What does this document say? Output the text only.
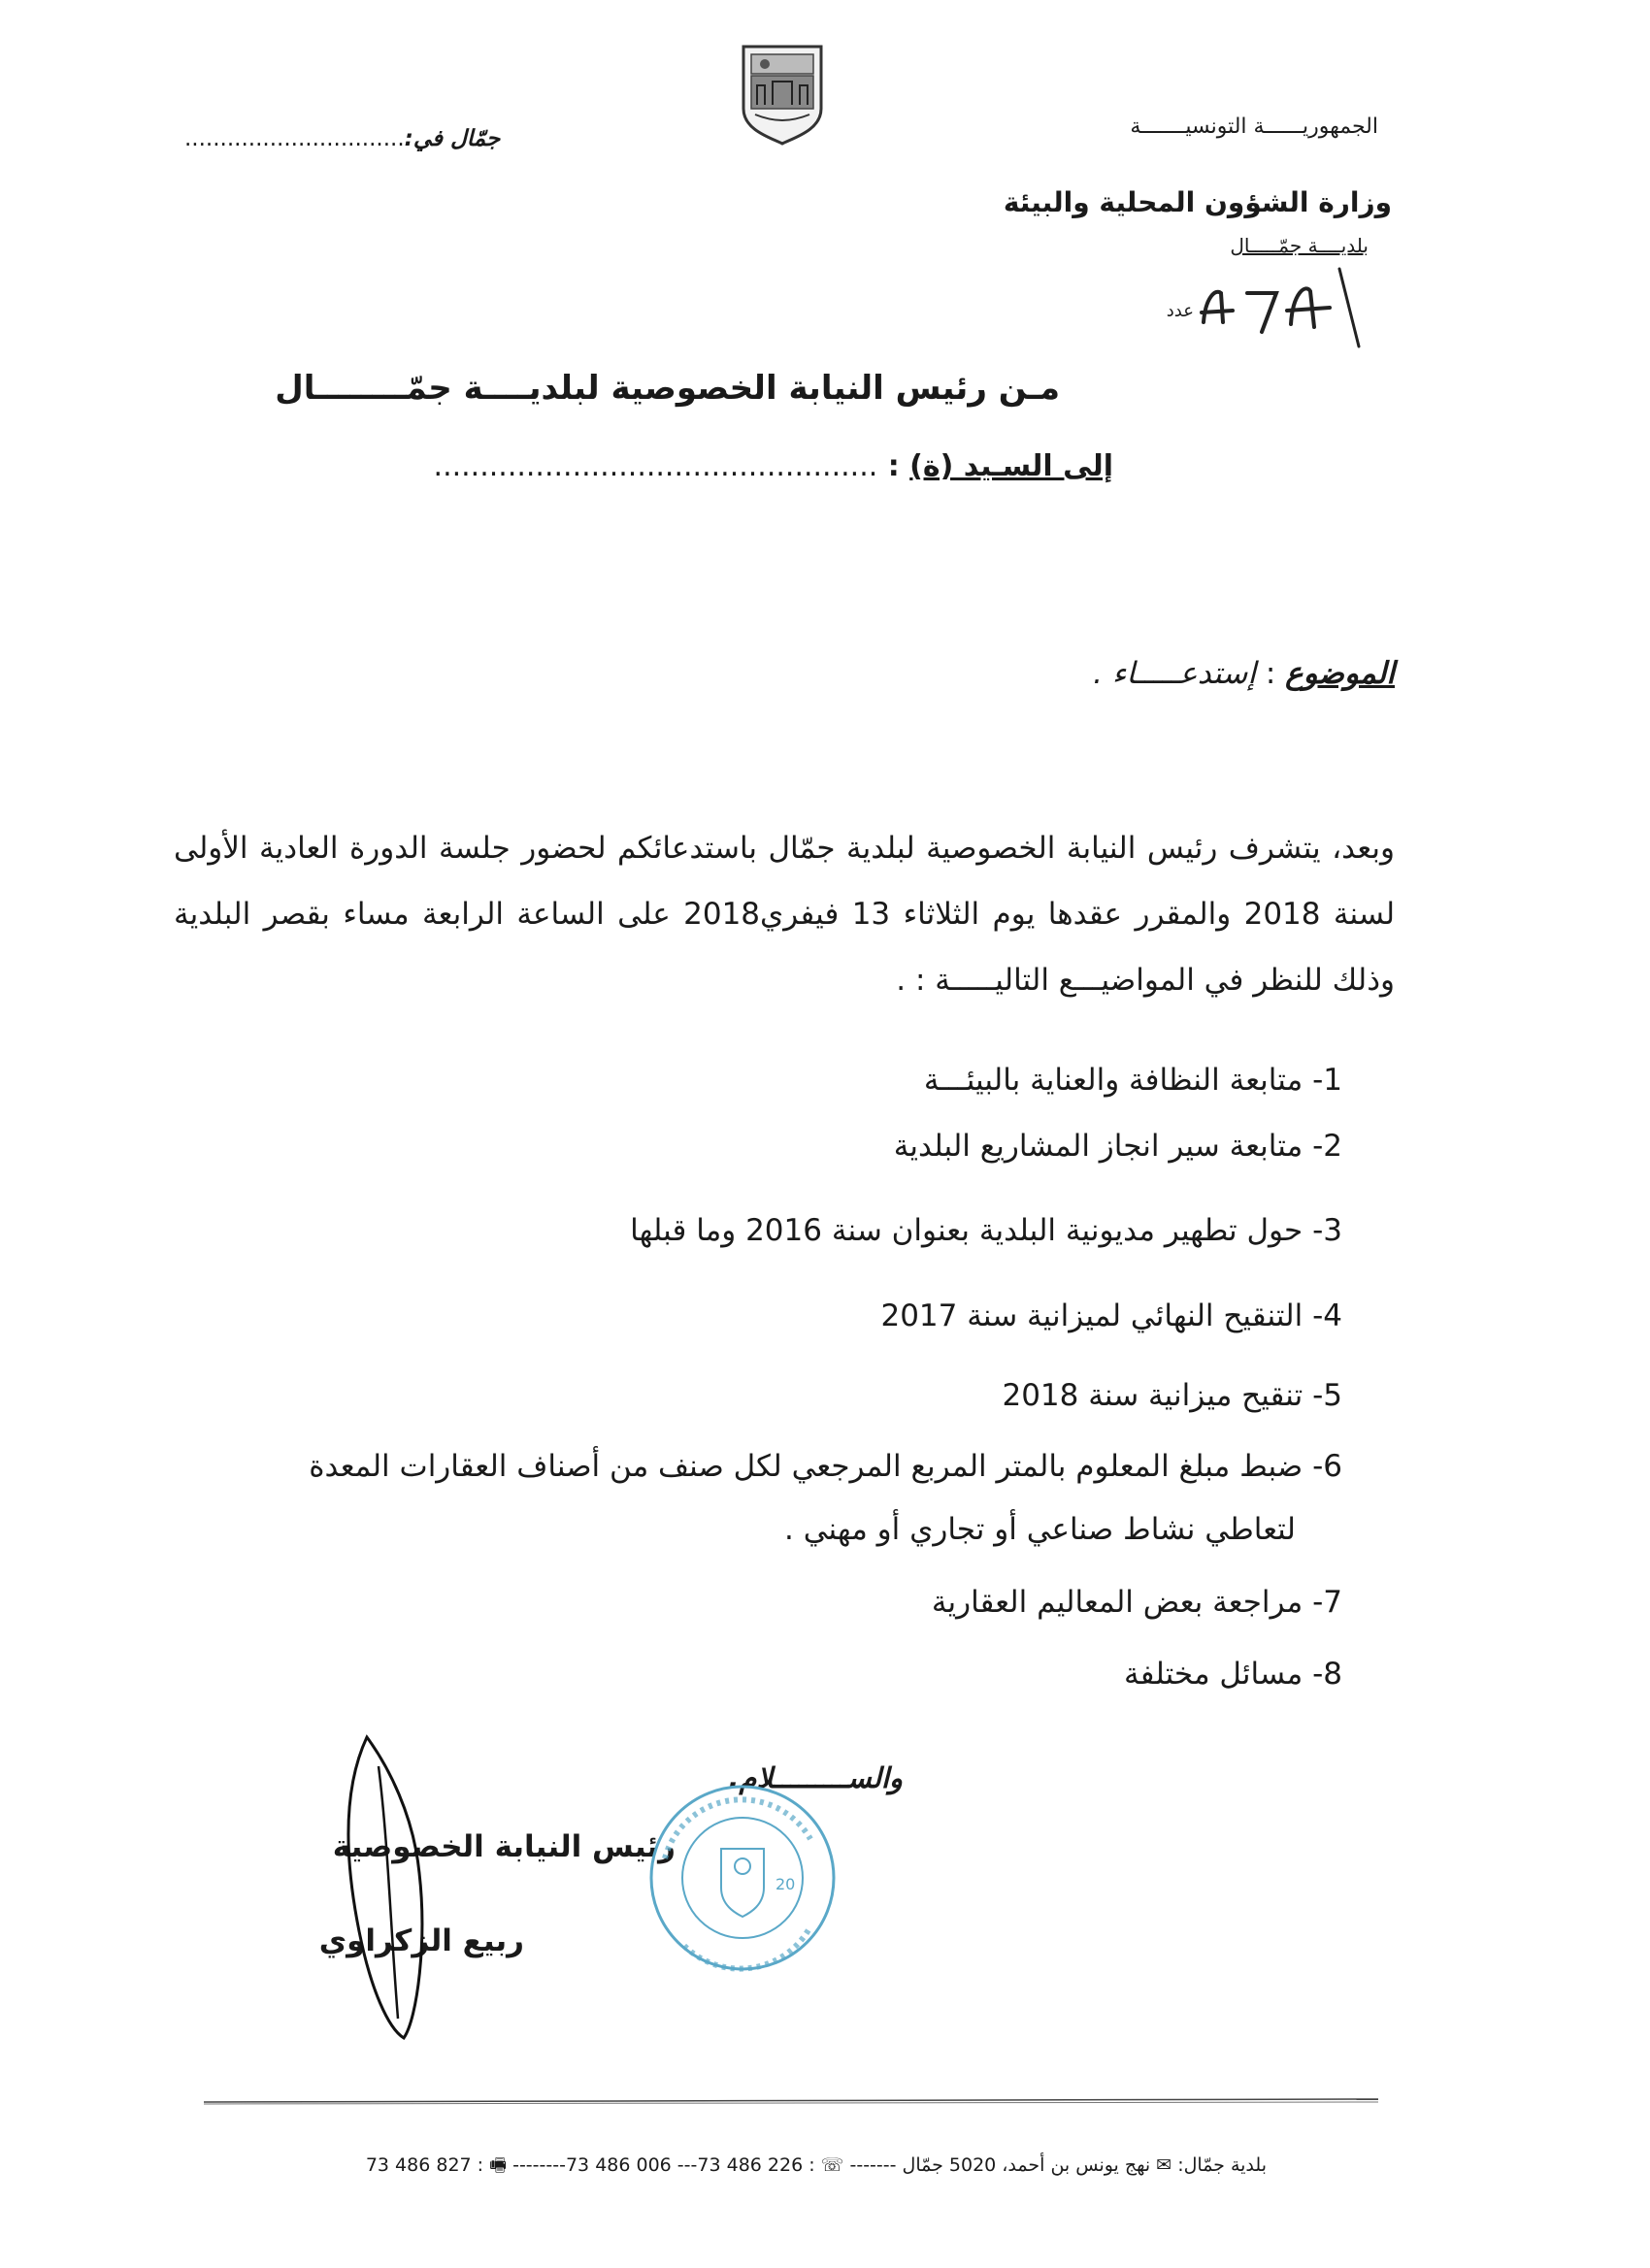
الجمهوريــــــة التونسيـــــــة
وزارة الشؤون المحلية والبيئة
بلديــــة جمّـــــال
عدد
جمّال في:...............................
مـن رئيس النيابة الخصوصية لبلديــــة جمّــــــــال
إلى السـيد (ة) : ................................................
الموضوع : إستدعـــــاء .
وبعد، يتشرف رئيس النيابة الخصوصية لبلدية جمّال باستدعائكم لحضور جلسة الدورة العادية الأولى لسنة 2018 والمقرر عقدها يوم الثلاثاء 13 فيفري2018 على الساعة الرابعة مساء بقصر البلدية وذلك للنظر في المواضيـــع التاليـــــة : .
1- متابعة النظافة والعناية بالبيئـــة
2- متابعة سير انجاز المشاريع البلدية
3- حول تطهير مديونية البلدية بعنوان سنة 2016 وما قبلها
4- التنقيح النهائي لميزانية سنة 2017
5- تنقيح ميزانية سنة 2018
6- ضبط مبلغ المعلوم بالمتر المربع المرجعي لكل صنف من أصناف العقارات المعدة
لتعاطي نشاط صناعي أو تجاري أو مهني .
7- مراجعة بعض المعاليم العقارية
8- مسائل مختلفة
والســـــــــلام.
رئيس النيابة الخصوصية
ربيع الزكراوي
20
بلدية جمّال: ✉ نهج يونس بن أحمد، 5020 جمّال ------- ☏ : 226 486 73--- 006 486 73-------- 🖷 : 827 486 73
